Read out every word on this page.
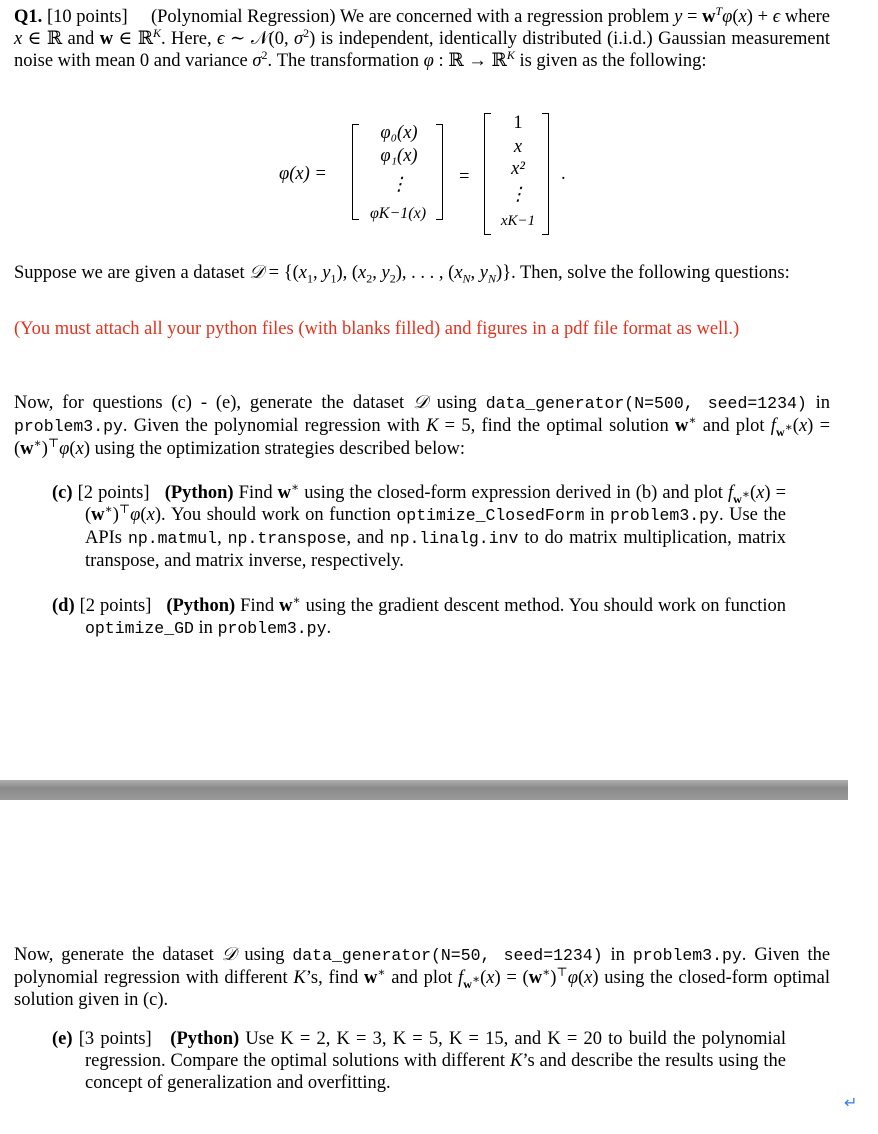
Q1. [10 points] (Polynomial Regression) We are concerned with a regression problem $y = w^T\varphi(x) + \epsilon$ where x ∈ ℝ and w ∈ ℝ$^K$. Here, ϵ ∼ 𝒩(0, $\sigma^2$) is independent, identically distributed (i.i.d.) Gaussian measurement noise with mean 0 and variance $\sigma^2$. The transformation φ : ℝ → ℝ$^K$ is given as the following:
φ(x) =
φ₀(x)
φ₁(x)
⋮
φK−1(x)
=
1
x
x²
⋮
xK−1
.
Suppose we are given a dataset 𝒟 = {($x_1$, $y_1$), ($x_2$, $y_2$), . . . , ($x_N$, $y_N$)}. Then, solve the following questions:
(You must attach all your python files (with blanks filled) and figures in a pdf file format as well.)
Now, for questions (c) - (e), generate the dataset 𝒟 using data_generator(N=500, seed=1234) in problem3.py. Given the polynomial regression with K = 5, find the optimal solution w∗ and plot $f_{w^∗}(x) = (w^∗)^⊤\varphi(x)$ using the optimization strategies described below:
(c) [2 points] (Python) Find w∗ using the closed-form expression derived in (b) and plot $f_{w^∗}(x) = (w^∗)^⊤\varphi(x)$. You should work on function optimize_ClosedForm in problem3.py. Use the APIs np.matmul, np.transpose, and np.linalg.inv to do matrix multiplication, matrix transpose, and matrix inverse, respectively.
(d) [2 points] (Python) Find w∗ using the gradient descent method. You should work on function optimize_GD in problem3.py.
Now, generate the dataset 𝒟 using data_generator(N=50, seed=1234) in problem3.py. Given the polynomial regression with different K’s, find w∗ and plot $f_{w^∗}(x) = (w^∗)^⊤\varphi(x)$ using the closed-form optimal solution given in (c).
(e) [3 points] (Python) Use K = 2, K = 3, K = 5, K = 15, and K = 20 to build the polynomial regression. Compare the optimal solutions with different K’s and describe the results using the concept of generalization and overfitting.
↵
